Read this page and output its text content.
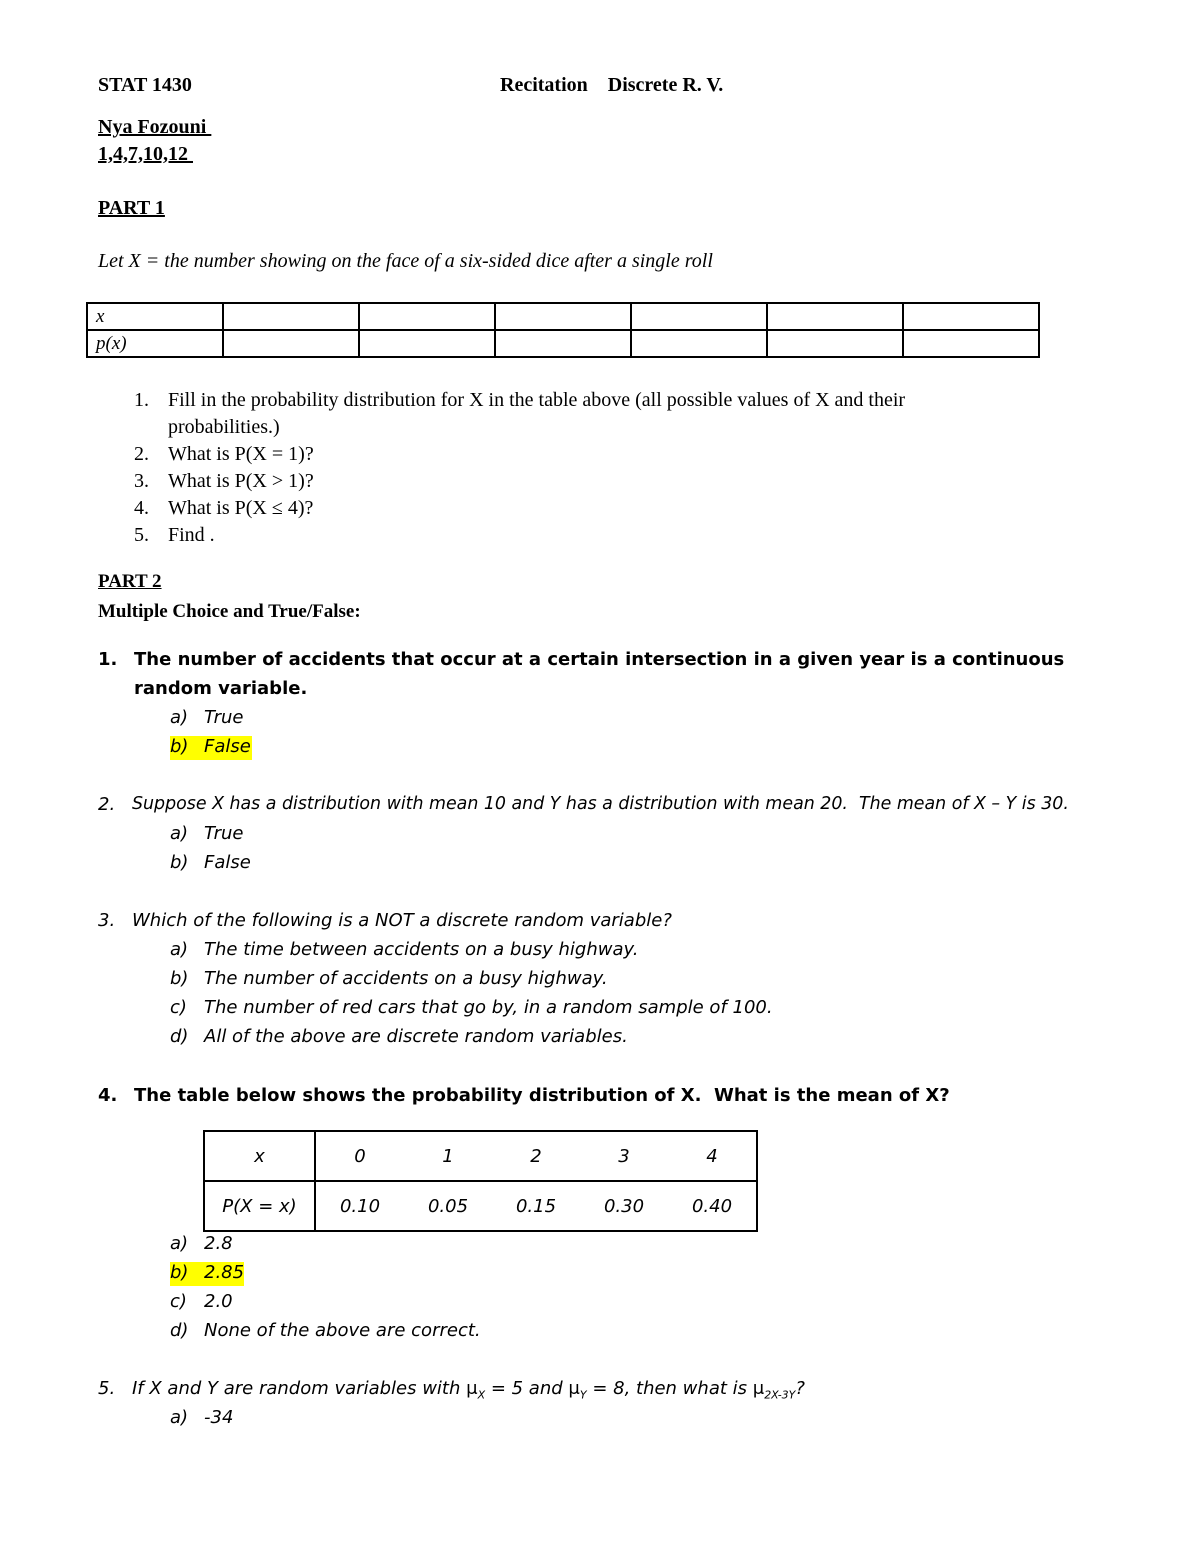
STAT 1430	Recitation    Discrete R. V.
Nya Fozouni
1,4,7,10,12
PART 1
Let X = the number showing on the face of a six-sided dice after a single roll
x						
p(x)						
1. Fill in the probability distribution for X in the table above (all possible values of X and their
probabilities.)
2. What is P(X = 1)?
3. What is P(X > 1)?
4. What is P(X ≤ 4)?
5. Find .
PART 2
Multiple Choice and True/False:
1. The number of accidents that occur at a certain intersection in a given year is a continuous
random variable.
a) True
b) False
2. Suppose X has a distribution with mean 10 and Y has a distribution with mean 20.  The mean of X – Y is 30.
a) True
b) False
3. Which of the following is a NOT a discrete random variable?
a) The time between accidents on a busy highway.
b) The number of accidents on a busy highway.
c) The number of red cars that go by, in a random sample of 100.
d) All of the above are discrete random variables.
4. The table below shows the probability distribution of X.  What is the mean of X?
x	0	1	2	3	4
P(X = x)	0.10	0.05	0.15	0.30	0.40
a) 2.8
b) 2.85
c) 2.0
d) None of the above are correct.
5. If X and Y are random variables with $\mu_X = 5$ and $\mu_Y = 8$, then what is $\mu_{2X-3Y}$?
a) -34
